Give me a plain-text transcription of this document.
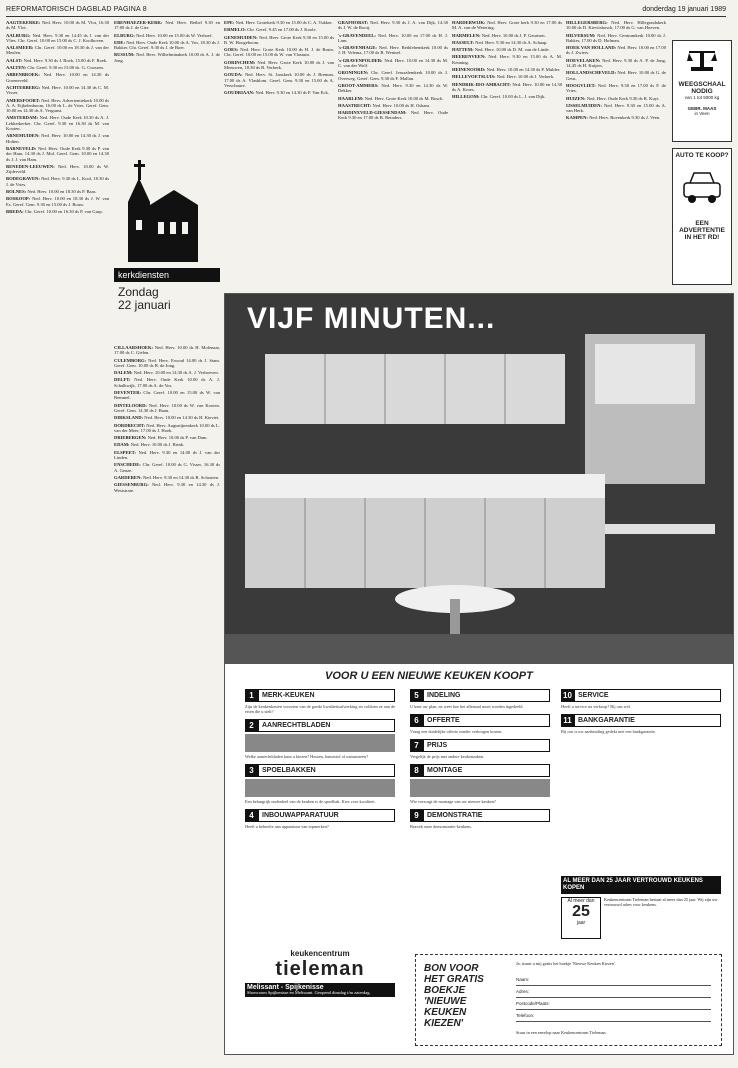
REFORMATORISCH DAGBLAD PAGINA 8	donderdag 19 januari 1989

AAGTEKERKE: Ned. Herv. 10.00 ds M. Vlot, 16.30 ds M. Vlot.

AALBURG: Ned. Herv. 9.30 en 14.45 ds J. van der Vlies. Chr. Geref. 10.00 en 15.00 ds C. J. Koolhoven.

AALSMEER: Chr. Geref. 10.00 en 18.30 ds J. van der Meulen.

AALST: Ned. Herv. 9.30 ds J. Roek, 15.00 ds F. Roek.

AALTEN: Chr. Geref. 9.30 en 15.00 ds. G. Cnossen.

ABBENBROEK: Ned. Herv. 10.00 en 14.30 ds Groeneveld.

ACHTERBERG: Ned. Herv. 10.00 en 14.30 ds C. M. Visser.

AMERSFOORT: Ned. Herv. Advertentiekerk 10.00 ds A. A. Eijkelenboom, 16.00 ds L. de Vries. Geref. Gem. 10.00 en 14.30 ds A. Vergunst.

AMSTERDAM: Ned. Herv. Oude Kerk 10.30 ds A. J. Lekkerkerker. Chr. Geref. 9.30 en 16.30 ds M. van Kooten.

ARNEMUIDEN: Ned. Herv. 10.00 en 14.30 ds J. van Holten.

BARNEVELD: Ned. Herv. Oude Kerk 9.30 ds P. van der Ham, 14.30 ds J. Mol. Geref. Gem. 10.00 en 14.30 ds J. J. van Ham.

BENEDEN-LEEUWEN: Ned. Herv. 10.00 ds W. Zijderveld.

BODEGRAVEN: Ned. Herv. 9.30 ds L. Kool, 18.30 ds J. de Vries.

BOLNES: Ned. Herv. 10.00 en 18.30 ds P. Baas.

BOSKOOP: Ned. Herv. 10.00 en 18.30 ds J. W. van Es. Geref. Gem. 9.30 en 15.00 ds J. Bouw.

BREDA: Chr. Geref. 10.00 en 16.30 ds P. van Gurp.

EBENHAEZER-KERK: Ned. Herv. Bethel 9.30 en 17.00 ds J. de Gier.

ELBURG: Ned. Herv. 10.00 en 15.00 ds W. Verhoef.

EDE: Ned. Herv. Oude Kerk 10.00 ds A. Vos, 18.30 ds J. Bakker. Chr. Geref. 9.30 ds J. de Boer.

BUSSUM: Ned. Herv. Wilhelminakerk 10.00 ds A. J. de Jong.

kerkdiensten
Zondag
22 januari

CILLAARSHOEK: Ned. Herv. 10.00 ds H. Molenaar, 17.00 ds C. Gielen.

CULEMBORG: Ned. Herv. Ewoud 14.00 ds J. Stam. Geref. Gem. 10.00 ds B. de Jong.

DALEM: Ned. Herv. 10.00 en 14.30 ds A. J. Verhoeven.

DELFT: Ned. Herv. Oude Kerk 10.00 ds A. J. Schalkwijk, 17.00 ds A. de Vos.

DEVENTER: Chr. Geref. 10.00 en 15.00 ds W. van Bemmel.

DINTELOORD: Ned. Herv. 10.00 ds W. van Kooten. Geref. Gem. 14.30 ds J. Baan.

DIRKSLAND: Ned. Herv. 10.00 en 14.30 ds H. Kieviet.

DORDRECHT: Ned. Herv. Augustijnenkerk 10.00 ds L. van der Meer, 17.00 ds J. Hoek.

DRIEBERGEN: Ned. Herv. 10.00 ds P. van Dam.

EDAM: Ned. Herv. 10.00 ds J. Brink.

ELSPEET: Ned. Herv. 9.30 en 14.00 ds J. van der Linden.

ENSCHEDE: Chr. Geref. 10.00 ds G. Visser, 16.30 ds A. Geuze.

GARDEREN: Ned. Herv. 9.30 en 14.30 ds R. Schouten.

GIESSENBURG: Ned. Herv. 9.30 en 14.30 ds J. Weststrate.

EPE: Ned. Herv. Grotekerk 9.30 en 15.00 ds C. A. Tukker.

ERMELO: Chr. Geref. 9.45 en 17.00 ds J. Koole.

GENEMUIDEN: Ned. Herv. Grote Kerk 9.30 en 15.00 ds R. W. Hoogeboom.

GOES: Ned. Herv. Grote Kerk 10.00 ds H. J. de Bruin. Chr. Geref. 10.00 en 15.00 ds W. van Vlastuin.

GORINCHEM: Ned. Herv. Grote Kerk 10.00 ds J. van Meeuwen, 18.30 ds B. Verkerk.

GOUDA: Ned. Herv. St. Janskerk 10.00 ds J. Breman, 17.00 ds A. Vlasblom. Geref. Gem. 9.30 en 15.00 ds A. Verschuure.

GOUDRIAAN: Ned. Herv. 9.30 en 14.30 ds P. Van Eck.

GRAFHORST: Ned. Herv. 9.30 ds J. A. van Dijk, 14.30 ds J. W. de Rooij.

's-GRAVENDEEL: Ned. Herv. 10.00 en 17.00 ds H. J. Lam.

's-GRAVENHAGE: Ned. Herv. Bethlehemkerk 10.00 ds J. H. Velema, 17.00 ds B. Wentsel.

's-GRAVENPOLDER: Ned. Herv. 10.00 en 14.30 ds M. C. van der Wolf.

GRONINGEN: Chr. Geref. Jeruzalemkerk 10.00 ds J. Overweg. Geref. Gem. 9.30 ds F. Mallan.

GROOT-AMMERS: Ned. Herv. 9.30 en 14.30 ds W. Dekker.

HAARLEM: Ned. Herv. Grote Kerk 10.00 ds M. Bosch.

HAASTRECHT: Ned. Herv. 10.00 ds H. Oskam.

HARDINXVELD-GIESSENDAM: Ned. Herv. Oude Kerk 9.30 en 17.00 ds B. Reinders.

HARDERWIJK: Ned. Herv. Grote kerk 9.30 en 17.00 ds M. A. van de Wetering.

HARMELEN: Ned. Herv. 10.00 ds J. P. Geurtsen.

HASSELT: Ned. Herv. 9.30 en 14.30 ds A. Schaap.

HATTEM: Ned. Herv. 10.00 ds D. M. van de Linde.

HEERENVEEN: Ned. Herv. 9.30 en 15.00 ds A. M. Keuning.

HEINENOORD: Ned. Herv. 10.00 en 14.30 ds P. Mulder.

HELLEVOETSLUIS: Ned. Herv. 10.00 ds J. Verkerk.

HENDRIK-IDO-AMBACHT: Ned. Herv. 10.00 en 14.30 ds A. Kroes.

HILLEGOM: Chr. Geref. 10.00 ds L. J. van Dijk.

HILLEGERSBERG: Ned. Herv. Hillegondakerk 10.00 ds D. Kievitsbosch, 17.00 ds G. van Hoeven.

HILVERSUM: Ned. Herv. Centrumkerk 10.00 ds J. Bakker, 17.00 ds D. Hofman.

HOEK VAN HOLLAND: Ned. Herv. 10.00 en 17.00 ds J. Zwiers.

HOEVELAKEN: Ned. Herv. 9.30 ds A. P. de Jong, 14.45 ds H. Kuijers.

HOLLANDSCHEVELD: Ned. Herv. 10.00 ds G. de Geus.

HOOGVLIET: Ned. Herv. 9.30 en 17.00 ds F. de Vries.

HUIZEN: Ned. Herv. Oude Kerk 9.30 ds R. Kuyt.

IJSSELMUIDEN: Ned. Herv. 9.30 en 15.00 ds A. van Herk.

KAMPEN: Ned. Herv. Bovenkerk 9.30 ds J. Veen.

WEEGSCHAAL NODIG
van 1 tot 5000 kg
GEBR. MAAS
in Veen
AUTO TE KOOP?
EEN
ADVERTENTIE
IN HET RD!
VIJF MINUTEN...
VOOR U EEN NIEUWE KEUKEN KOOPT
1	MERK-KEUKEN
Zijn de keukenkasten voorzien van de goede kwaliteitsafwerking en voldoen ze aan de eisen die u stelt?
2	AANRECHTBLADEN
Welke aanrechtbladen kunt u kiezen? Houten, kunststof of natuursteen?
3	SPOELBAKKEN
Een belangrijk onderdeel van de keuken is de spoelbak. Kies voor kwaliteit.
4	INBOUWAPPARATUUR
Heeft u behoefte aan apparatuur van topmerken?
5	INDELING
U kent uw plan, en weet hoe het allemaal moet worden ingedeeld.
6	OFFERTE
Vraag een duidelijke offerte zonder verborgen kosten.
7	PRIJS
Vergelijk de prijs met andere keukenzaken.
8	MONTAGE
Wie verzorgt de montage van uw nieuwe keuken?
9	DEMONSTRATIE
Bezoek onze demonstratie-keukens.
10 SERVICE
Heeft u service na verkoop? Bij ons wel.
11 BANKGARANTIE
Bij ons is uw aanbetaling gedekt met een bankgarantie.
AL MEER DAN 25 JAAR VERTROUWD KEUKENS KOPEN
Al meer dan
25
jaar
Keukencentrum Tieleman bestaat al meer dan 25 jaar. Wij zijn uw vertrouwd adres voor keukens.
keukencentrum
tieleman
Melissant - Spijkenisse
Showroom Spijkenisse en Melissant. Geopend dinsdag t/m zaterdag.
BON VOOR
HET GRATIS
BOEKJE
'NIEUWE
KEUKEN
KIEZEN'
Ja, stuurt u mij gratis het boekje 'Nieuwe Keuken Kiezen'.
Naam:
Adres:
Postcode/Plaats:
Telefoon:
Stuur in een envelop naar Keukencentrum Tieleman.
